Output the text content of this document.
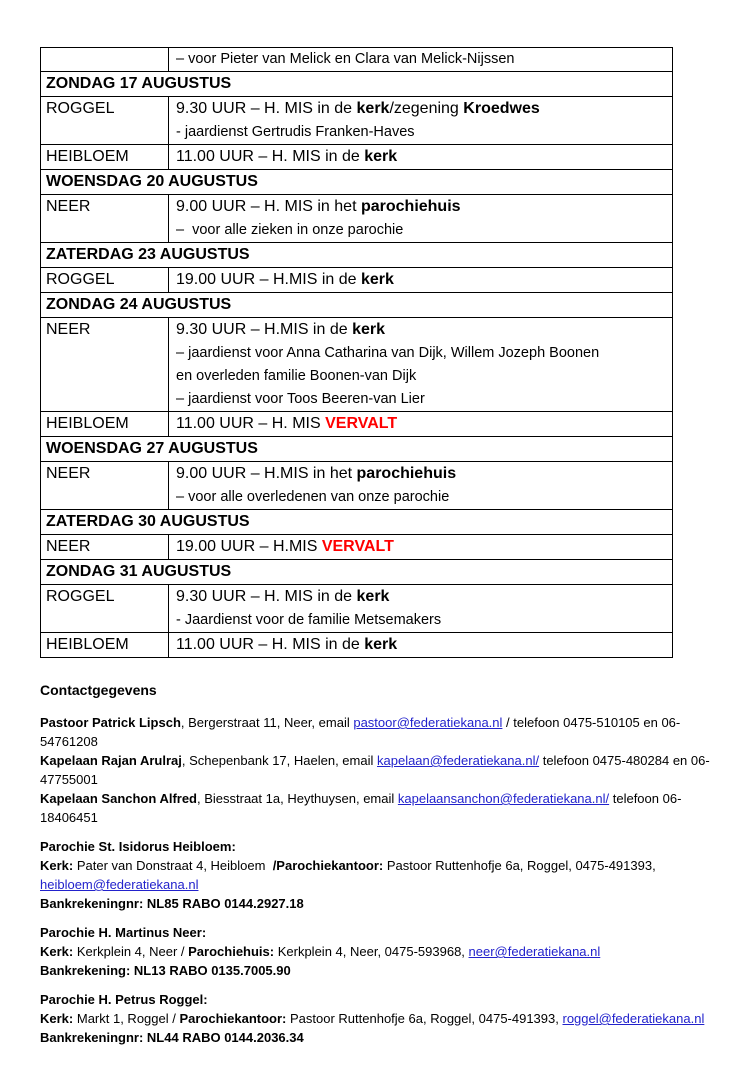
	– voor Pieter van Melick en Clara van Melick-Nijssen

ZONDAG 17 AUGUSTUS	
ROGGEL	9.30 UUR – H. MIS in de kerk/zegening Kroedwes
- jaardienst Gertrudis Franken-Haves

HEIBLOEM	11.00 UUR – H. MIS in de kerk

WOENSDAG 20 AUGUSTUS	
NEER	9.00 UUR – H. MIS in het parochiehuis
–  voor alle zieken in onze parochie

ZATERDAG 23 AUGUSTUS	
ROGGEL	19.00 UUR – H.MIS in de kerk

ZONDAG 24 AUGUSTUS	
NEER	9.30 UUR – H.MIS in de kerk
– jaardienst voor Anna Catharina van Dijk, Willem Jozeph Boonen
en overleden familie Boonen-van Dijk
– jaardienst voor Toos Beeren-van Lier

HEIBLOEM	11.00 UUR – H. MIS VERVALT

WOENSDAG 27 AUGUSTUS	
NEER	9.00 UUR – H.MIS in het parochiehuis
– voor alle overledenen van onze parochie

ZATERDAG 30 AUGUSTUS	
NEER	19.00 UUR – H.MIS VERVALT

ZONDAG 31 AUGUSTUS	
ROGGEL	9.30 UUR – H. MIS in de kerk
- Jaardienst voor de familie Metsemakers

HEIBLOEM	11.00 UUR – H. MIS in de kerk
Contactgegevens
Pastoor Patrick Lipsch, Bergerstraat 11, Neer, email pastoor@federatiekana.nl / telefoon 0475-510105 en 06-
54761208
Kapelaan Rajan Arulraj, Schepenbank 17, Haelen, email kapelaan@federatiekana.nl/ telefoon 0475-480284 en 06-
47755001
Kapelaan Sanchon Alfred, Biesstraat 1a, Heythuysen, email kapelaansanchon@federatiekana.nl/ telefoon 06-
18406451
Parochie St. Isidorus Heibloem:
Kerk: Pater van Donstraat 4, Heibloem  /Parochiekantoor: Pastoor Ruttenhofje 6a, Roggel, 0475-491393,
heibloem@federatiekana.nl
Bankrekeningnr: NL85 RABO 0144.2927.18
Parochie H. Martinus Neer:
Kerk: Kerkplein 4, Neer / Parochiehuis: Kerkplein 4, Neer, 0475-593968, neer@federatiekana.nl
Bankrekening: NL13 RABO 0135.7005.90
Parochie H. Petrus Roggel:
Kerk: Markt 1, Roggel / Parochiekantoor: Pastoor Ruttenhofje 6a, Roggel, 0475-491393, roggel@federatiekana.nl
Bankrekeningnr: NL44 RABO 0144.2036.34
